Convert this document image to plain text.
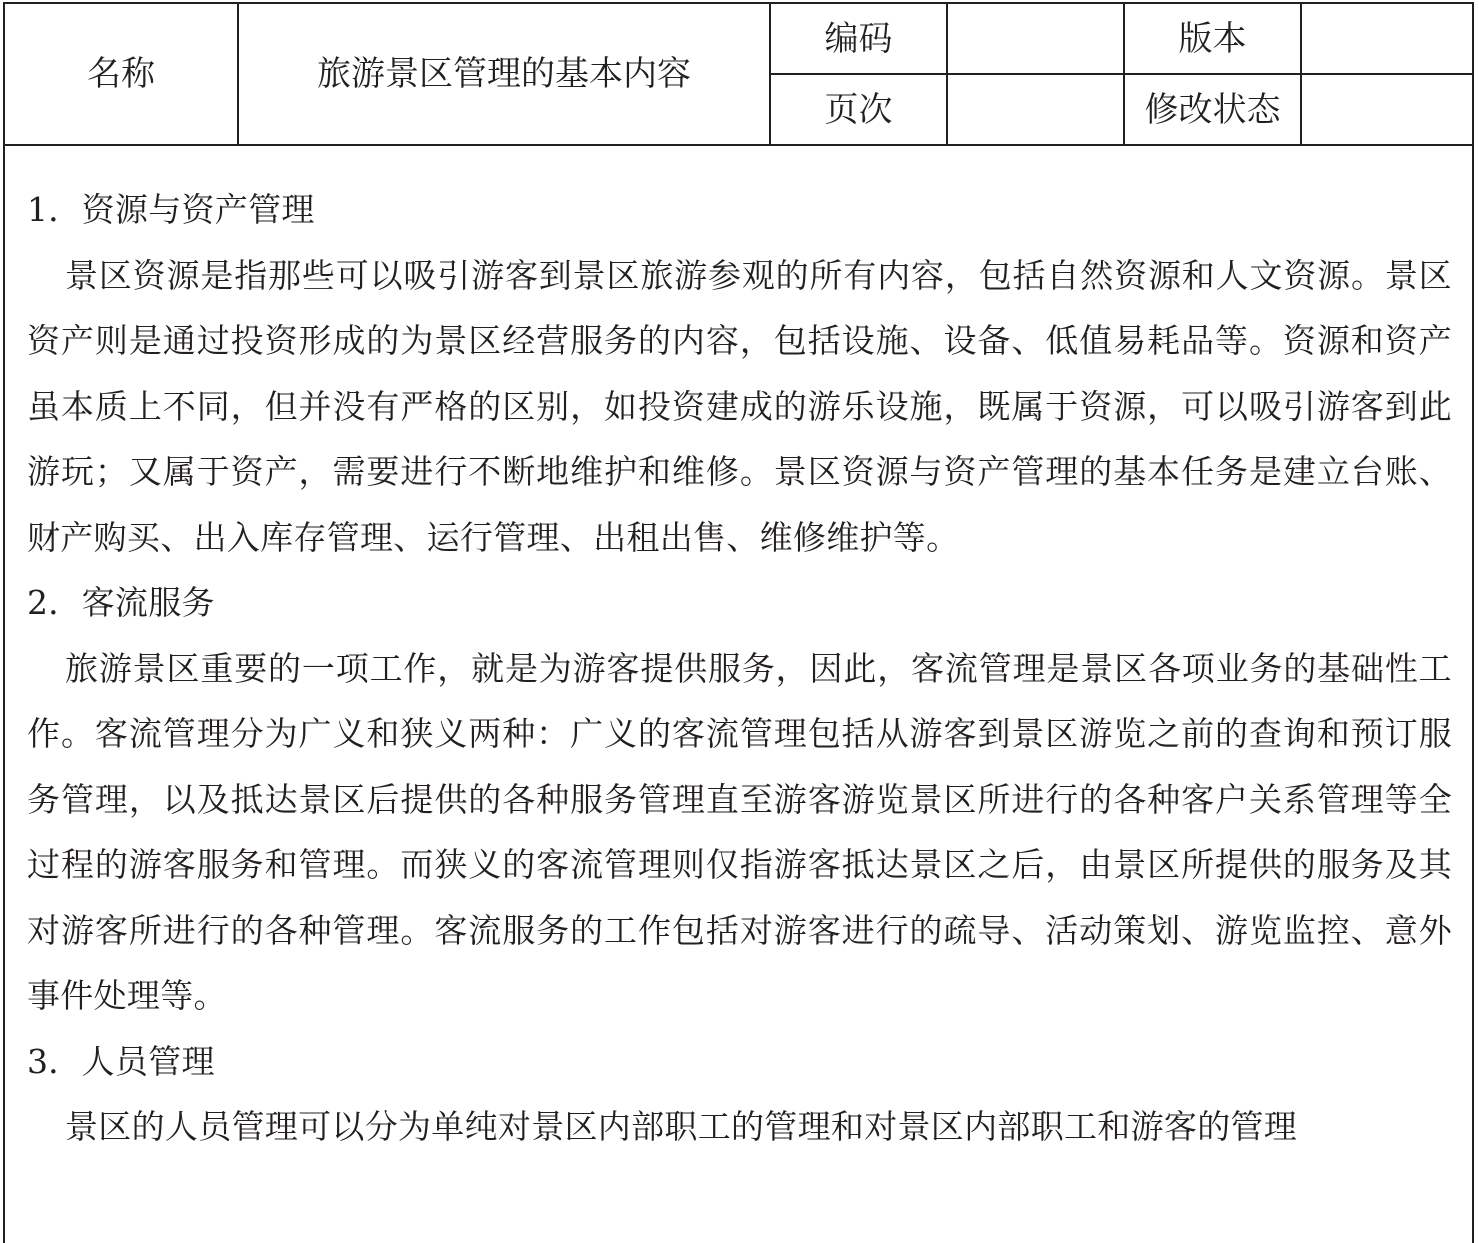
名称	旅游景区管理的基本内容	编码		版本	
		页次		修改状态	

1．资源与资产管理

景区资源是指那些可以吸引游客到景区旅游参观的所有内容，包括自然资源和人文资源。景区资产则是通过投资形成的为景区经营服务的内容，包括设施、设备、低值易耗品等。资源和资产虽本质上不同，但并没有严格的区别，如投资建成的游乐设施，既属于资源，可以吸引游客到此游玩；又属于资产，需要进行不断地维护和维修。景区资源与资产管理的基本任务是建立台账、财产购买、出入库存管理、运行管理、出租出售、维修维护等。

2．客流服务

旅游景区重要的一项工作，就是为游客提供服务，因此，客流管理是景区各项业务的基础性工作。客流管理分为广义和狭义两种：广义的客流管理包括从游客到景区游览之前的查询和预订服务管理，以及抵达景区后提供的各种服务管理直至游客游览景区所进行的各种客户关系管理等全过程的游客服务和管理。而狭义的客流管理则仅指游客抵达景区之后，由景区所提供的服务及其对游客所进行的各种管理。客流服务的工作包括对游客进行的疏导、活动策划、游览监控、意外事件处理等。

3．人员管理

景区的人员管理可以分为单纯对景区内部职工的管理和对景区内部职工和游客的管理
